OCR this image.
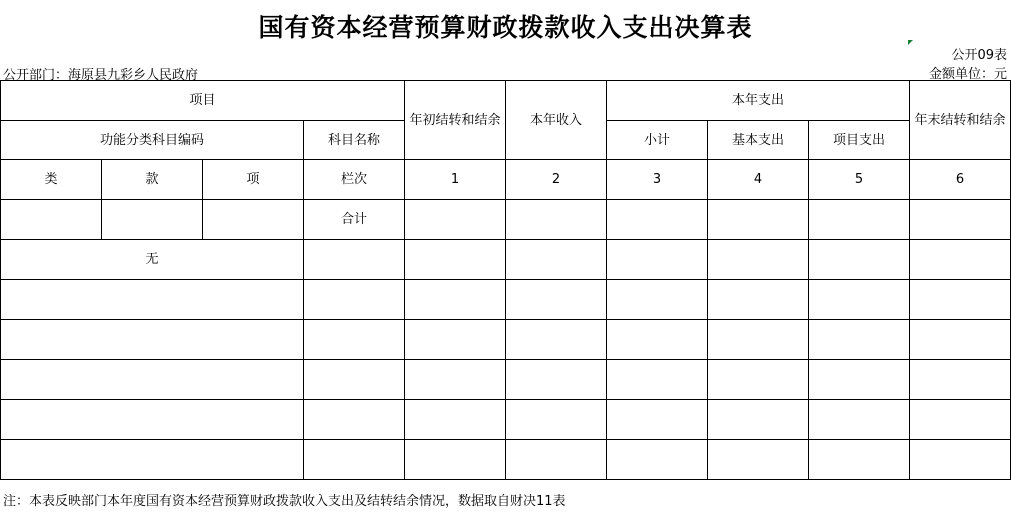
国有资本经营预算财政拨款收入支出决算表
公开09表
公开部门：海原县九彩乡人民政府	金额单位：元
项目				年初结转和结余	本年收入	本年支出			年末结转和结余
功能分类科目编码			科目名称			小计	基本支出	项目支出	
类	款	项	栏次	1	2	3	4	5	6
			合计						
无									

注：本表反映部门本年度国有资本经营预算财政拨款收入支出及结转结余情况，数据取自财决11表
